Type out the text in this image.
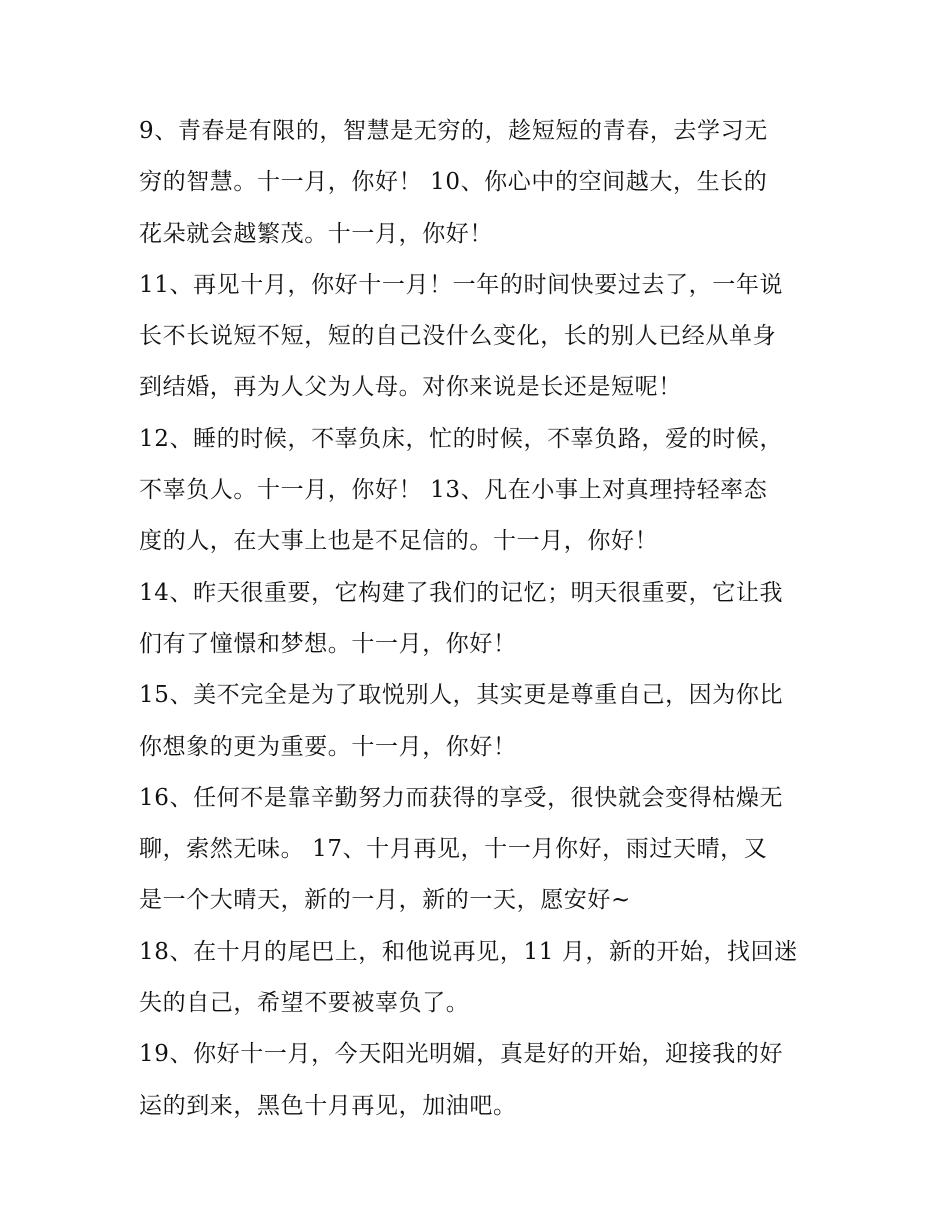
9、青春是有限的，智慧是无穷的，趁短短的青春，去学习无
穷的智慧。十一月，你好！ 10、你心中的空间越大，生长的
花朵就会越繁茂。十一月，你好！
11、再见十月，你好十一月！一年的时间快要过去了，一年说
长不长说短不短，短的自己没什么变化，长的别人已经从单身
到结婚，再为人父为人母。对你来说是长还是短呢！
12、睡的时候，不辜负床，忙的时候，不辜负路，爱的时候，
不辜负人。十一月，你好！ 13、凡在小事上对真理持轻率态
度的人，在大事上也是不足信的。十一月，你好！
14、昨天很重要，它构建了我们的记忆；明天很重要，它让我
们有了憧憬和梦想。十一月，你好！
15、美不完全是为了取悦别人，其实更是尊重自己，因为你比
你想象的更为重要。十一月，你好！
16、任何不是靠辛勤努力而获得的享受，很快就会变得枯燥无
聊，索然无味。 17、十月再见，十一月你好，雨过天晴，又
是一个大晴天，新的一月，新的一天，愿安好~
18、在十月的尾巴上，和他说再见，11 月，新的开始，找回迷
失的自己，希望不要被辜负了。
19、你好十一月，今天阳光明媚，真是好的开始，迎接我的好
运的到来，黑色十月再见，加油吧。
